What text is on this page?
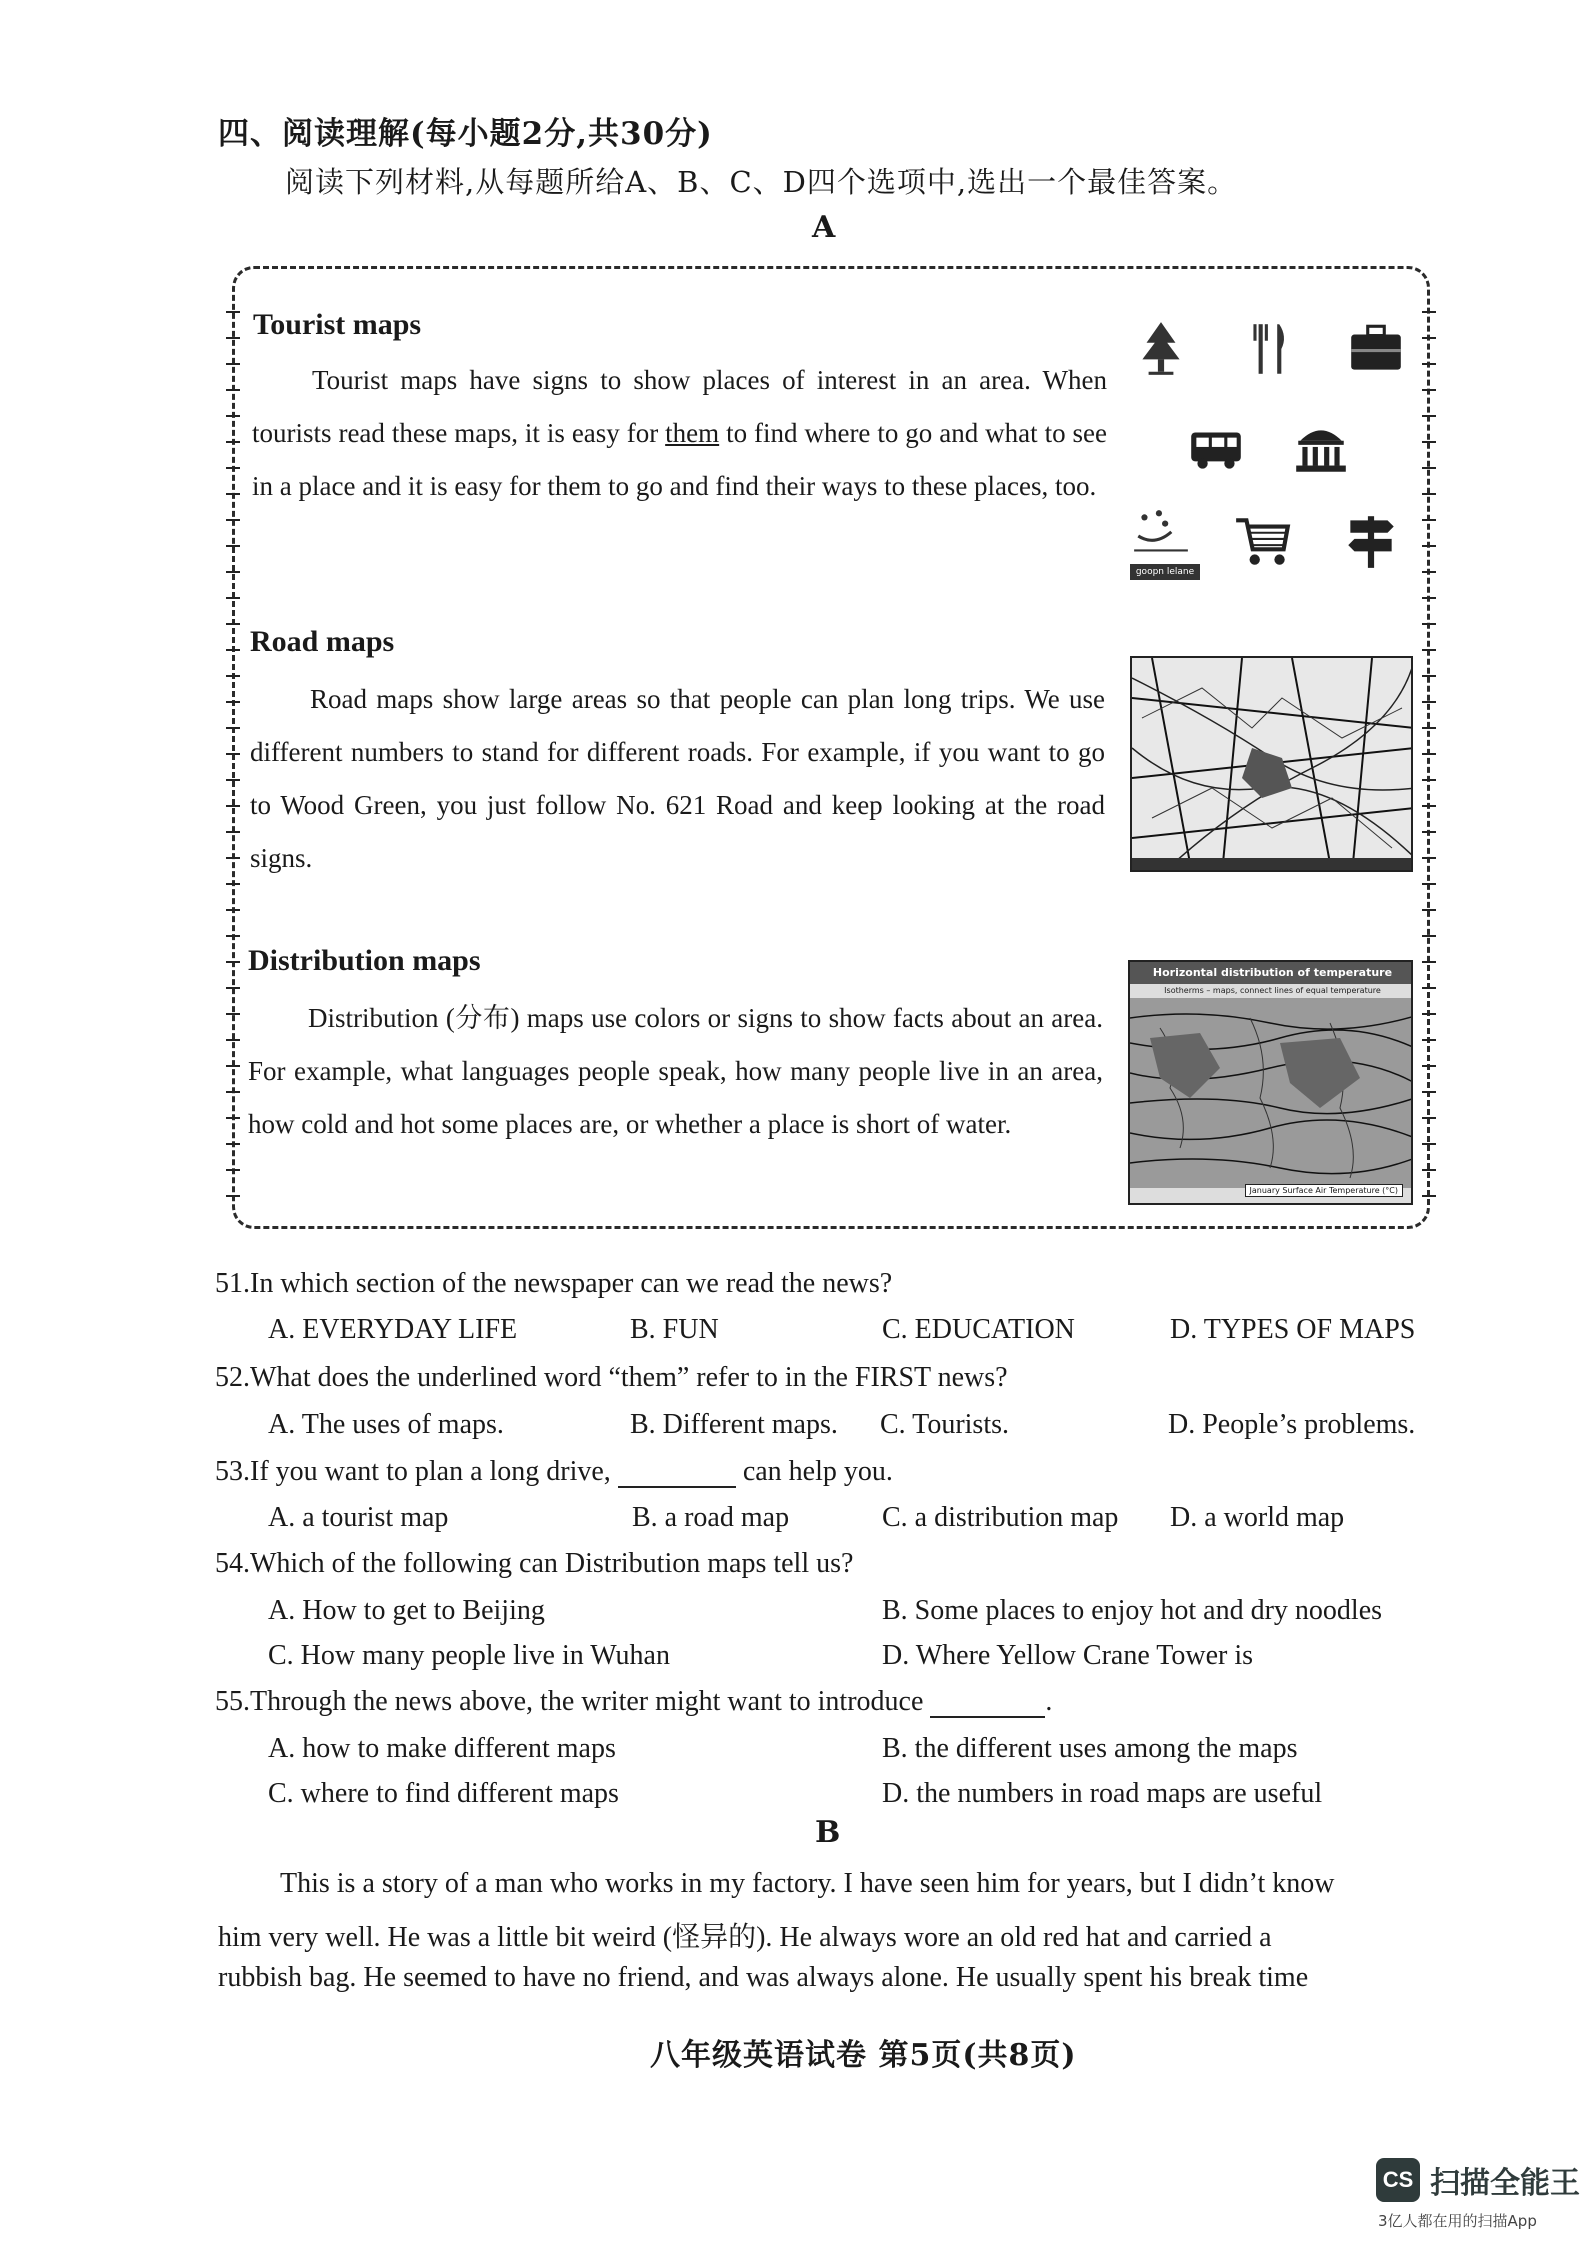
四、阅读理解(每小题2分,共30分)
阅读下列材料,从每题所给A、B、C、D四个选项中,选出一个最佳答案。
A
Tourist maps
Tourist maps have signs to show places of interest in an area. When tourists read these maps, it is easy for them to find where to go and what to see in a place and it is easy for them to go and find their ways to these places, too.
goopn lelane
Road maps
Road maps show large areas so that people can plan long trips. We use different numbers to stand for different roads. For example, if you want to go to Wood Green, you just follow No. 621 Road and keep looking at the road signs.
Distribution maps
Distribution (分布) maps use colors or signs to show facts about an area. For example, what languages people speak, how many people live in an area, how cold and hot some places are, or whether a place is short of water.
Horizontal distribution of temperature
Isotherms – maps, connect lines of equal temperature
January Surface Air Temperature (°C)
51.In which section of the newspaper can we read the news?
A. EVERYDAY LIFE	B. FUN	C. EDUCATION	D. TYPES OF MAPS
52.What does the underlined word “them” refer to in the FIRST news?
A. The uses of maps.	B. Different maps. C. Tourists.	D. People’s problems.
53.If you want to plan a long drive,	can help you.
A. a tourist map	B. a road map	C. a distribution map D. a world map
54.Which of the following can Distribution maps tell us?
A. How to get to Beijing	B. Some places to enjoy hot and dry noodles
C. How many people live in Wuhan	D. Where Yellow Crane Tower is
55.Through the news above, the writer might want to introduce	.
A. how to make different maps	B. the different uses among the maps
C. where to find different maps	D. the numbers in road maps are useful
B
This is a story of a man who works in my factory. I have seen him for years, but I didn’t know
him very well. He was a little bit weird (怪异的). He always wore an old red hat and carried a
rubbish bag. He seemed to have no friend, and was always alone. He usually spent his break time
八年级英语试卷 第5页(共8页)
CS 扫描全能王
3亿人都在用的扫描App
